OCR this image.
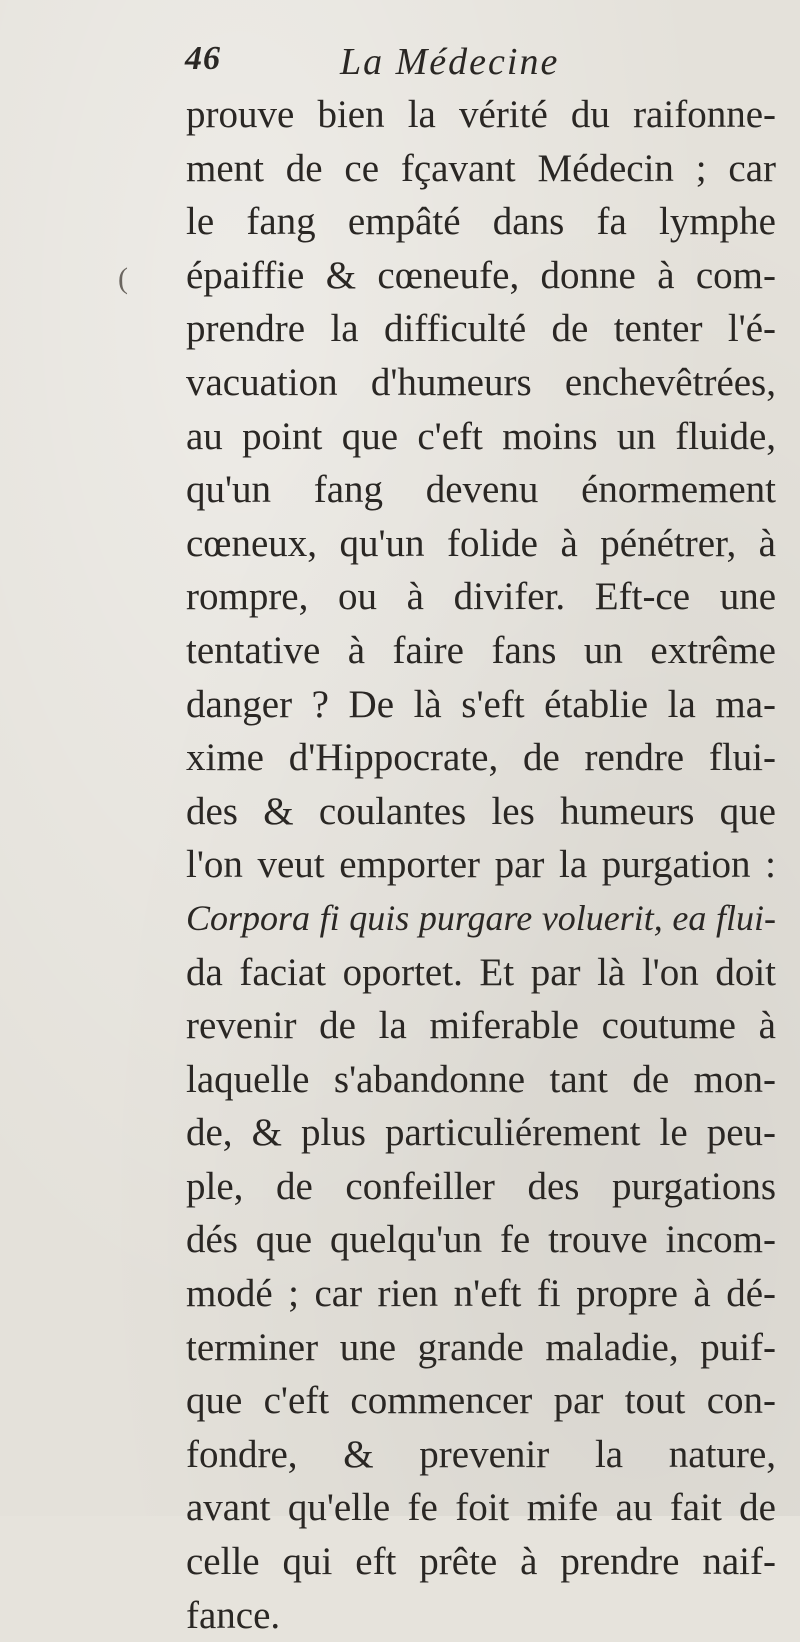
46	La Médecine
(
prouve bien la vérité du raifonne-
ment de ce fçavant Médecin ; car
le fang empâté dans fa lymphe
épaiffie & cœneufe, donne à com-
prendre la difficulté de tenter l'é-
vacuation d'humeurs enchevêtrées,
au point que c'eft moins un fluide,
qu'un fang devenu énormement
cœneux, qu'un folide à pénétrer, à
rompre, ou à divifer. Eft-ce une
tentative à faire fans un extrême
danger ? De là s'eft établie la ma-
xime d'Hippocrate, de rendre flui-
des & coulantes les humeurs que
l'on veut emporter par la purgation :
Corpora fi quis purgare voluerit, ea flui-
da faciat oportet. Et par là l'on doit
revenir de la miferable coutume à
laquelle s'abandonne tant de mon-
de, & plus particuliérement le peu-
ple, de confeiller des purgations
dés que quelqu'un fe trouve incom-
modé ; car rien n'eft fi propre à dé-
terminer une grande maladie, puif-
que c'eft commencer par tout con-
fondre, & prevenir la nature,
avant qu'elle fe foit mife au fait de
celle qui eft prête à prendre naif-
fance.
